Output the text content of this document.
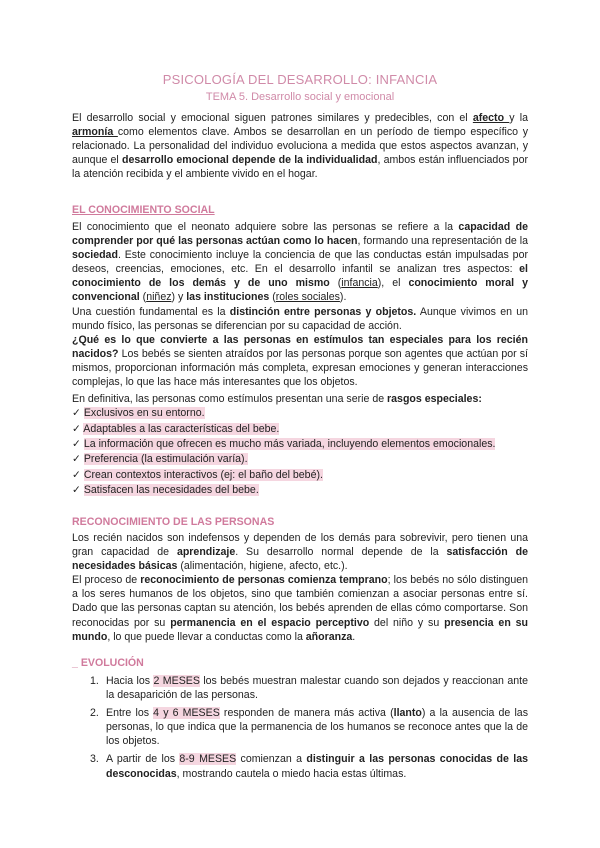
PSICOLOGÍA DEL DESARROLLO: INFANCIA
TEMA 5. Desarrollo social y emocional

El desarrollo social y emocional siguen patrones similares y predecibles, con el afecto y la armonía como elementos clave. Ambos se desarrollan en un período de tiempo específico y relacionado. La personalidad del individuo evoluciona a medida que estos aspectos avanzan, y aunque el desarrollo emocional depende de la individualidad, ambos están influenciados por la atención recibida y el ambiente vivido en el hogar.

EL CONOCIMIENTO SOCIAL

El conocimiento que el neonato adquiere sobre las personas se refiere a la capacidad de comprender por qué las personas actúan como lo hacen, formando una representación de la sociedad. Este conocimiento incluye la conciencia de que las conductas están impulsadas por deseos, creencias, emociones, etc. En el desarrollo infantil se analizan tres aspectos: el conocimiento de los demás y de uno mismo (infancia), el conocimiento moral y convencional (niñez) y las instituciones (roles sociales).

Una cuestión fundamental es la distinción entre personas y objetos. Aunque vivimos en un mundo físico, las personas se diferencian por su capacidad de acción.

¿Qué es lo que convierte a las personas en estímulos tan especiales para los recién nacidos? Los bebés se sienten atraídos por las personas porque son agentes que actúan por sí mismos, proporcionan información más completa, expresan emociones y generan interacciones complejas, lo que las hace más interesantes que los objetos.

En definitiva, las personas como estímulos presentan una serie de rasgos especiales:

✓ Exclusivos en su entorno.
✓ Adaptables a las características del bebe.
✓ La información que ofrecen es mucho más variada, incluyendo elementos emocionales.
✓ Preferencia (la estimulación varía).
✓ Crean contextos interactivos (ej: el baño del bebé).
✓ Satisfacen las necesidades del bebe.
RECONOCIMIENTO DE LAS PERSONAS

Los recién nacidos son indefensos y dependen de los demás para sobrevivir, pero tienen una gran capacidad de aprendizaje. Su desarrollo normal depende de la satisfacción de necesidades básicas (alimentación, higiene, afecto, etc.).

El proceso de reconocimiento de personas comienza temprano; los bebés no sólo distinguen a los seres humanos de los objetos, sino que también comienzan a asociar personas entre sí. Dado que las personas captan su atención, los bebés aprenden de ellas cómo comportarse. Son reconocidas por su permanencia en el espacio perceptivo del niño y su presencia en su mundo, lo que puede llevar a conductas como la añoranza.

_ EVOLUCIÓN
1. Hacia los 2 MESES los bebés muestran malestar cuando son dejados y reaccionan ante la desaparición de las personas.
2. Entre los 4 y 6 MESES responden de manera más activa (llanto) a la ausencia de las personas, lo que indica que la permanencia de los humanos se reconoce antes que la de los objetos.
3. A partir de los 8-9 MESES comienzan a distinguir a las personas conocidas de las desconocidas, mostrando cautela o miedo hacia estas últimas.
